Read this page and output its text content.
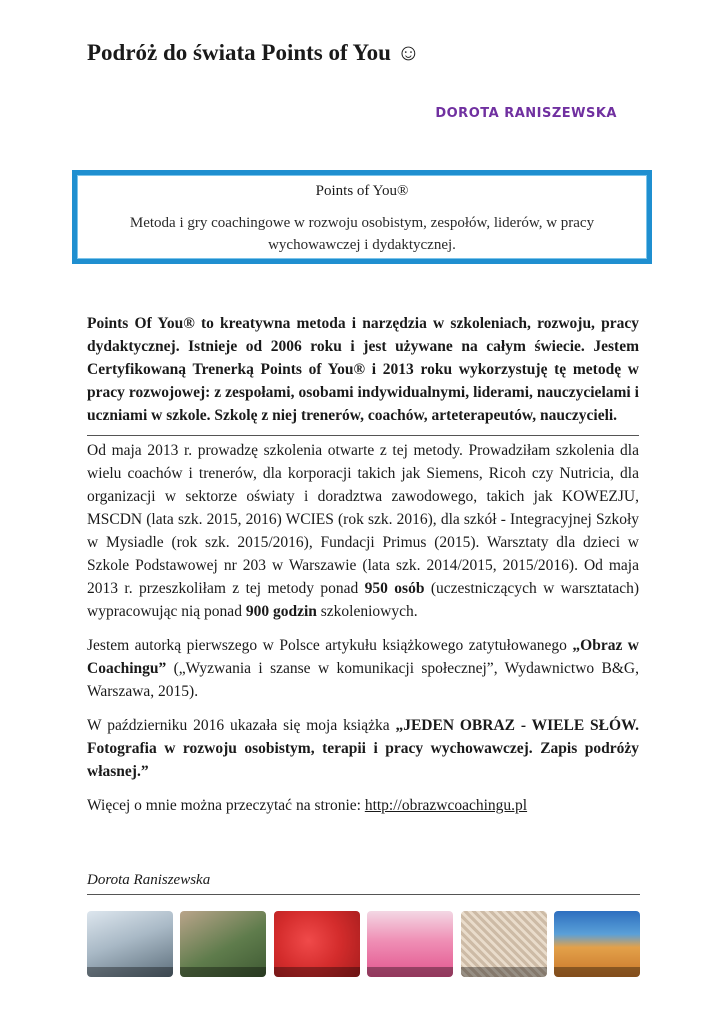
Podróż do świata Points of You ☺
DOROTA RANISZEWSKA

Points of You®

Metoda i gry coachingowe w rozwoju osobistym, zespołów, liderów, w pracy wychowawczej i dydaktycznej.

Points Of You® to kreatywna metoda i narzędzia w szkoleniach, rozwoju, pracy dydaktycznej. Istnieje od 2006 roku i jest używane na całym świecie. Jestem Certyfikowaną Trenerką Points of You® i 2013 roku wykorzystuję tę metodę w pracy rozwojowej: z zespołami, osobami indywidualnymi, liderami, nauczycielami i uczniami w szkole. Szkolę z niej trenerów, coachów, arteterapeutów, nauczycieli.

Od maja 2013 r. prowadzę szkolenia otwarte z tej metody. Prowadziłam szkolenia dla wielu coachów i trenerów, dla korporacji takich jak Siemens, Ricoh czy Nutricia, dla organizacji w sektorze oświaty i doradztwa zawodowego, takich jak KOWEZJU, MSCDN (lata szk. 2015, 2016) WCIES (rok szk. 2016), dla szkół - Integracyjnej Szkoły w Mysiadle (rok szk. 2015/2016), Fundacji Primus (2015). Warsztaty dla dzieci w Szkole Podstawowej nr 203 w Warszawie (lata szk. 2014/2015, 2015/2016). Od maja 2013 r. przeszkoliłam z tej metody ponad 950 osób (uczestniczących w warsztatach) wypracowując nią ponad 900 godzin szkoleniowych.

Jestem autorką pierwszego w Polsce artykułu książkowego zatytułowanego „Obraz w Coachingu” („Wyzwania i szanse w komunikacji społecznej”, Wydawnictwo B&G, Warszawa, 2015).

W październiku 2016 ukazała się moja książka „JEDEN OBRAZ - WIELE SŁÓW. Fotografia w rozwoju osobistym, terapii i pracy wychowawczej. Zapis podróży własnej.”

Więcej o mnie można przeczytać na stronie: http://obrazwcoachingu.pl

Dorota Raniszewska
